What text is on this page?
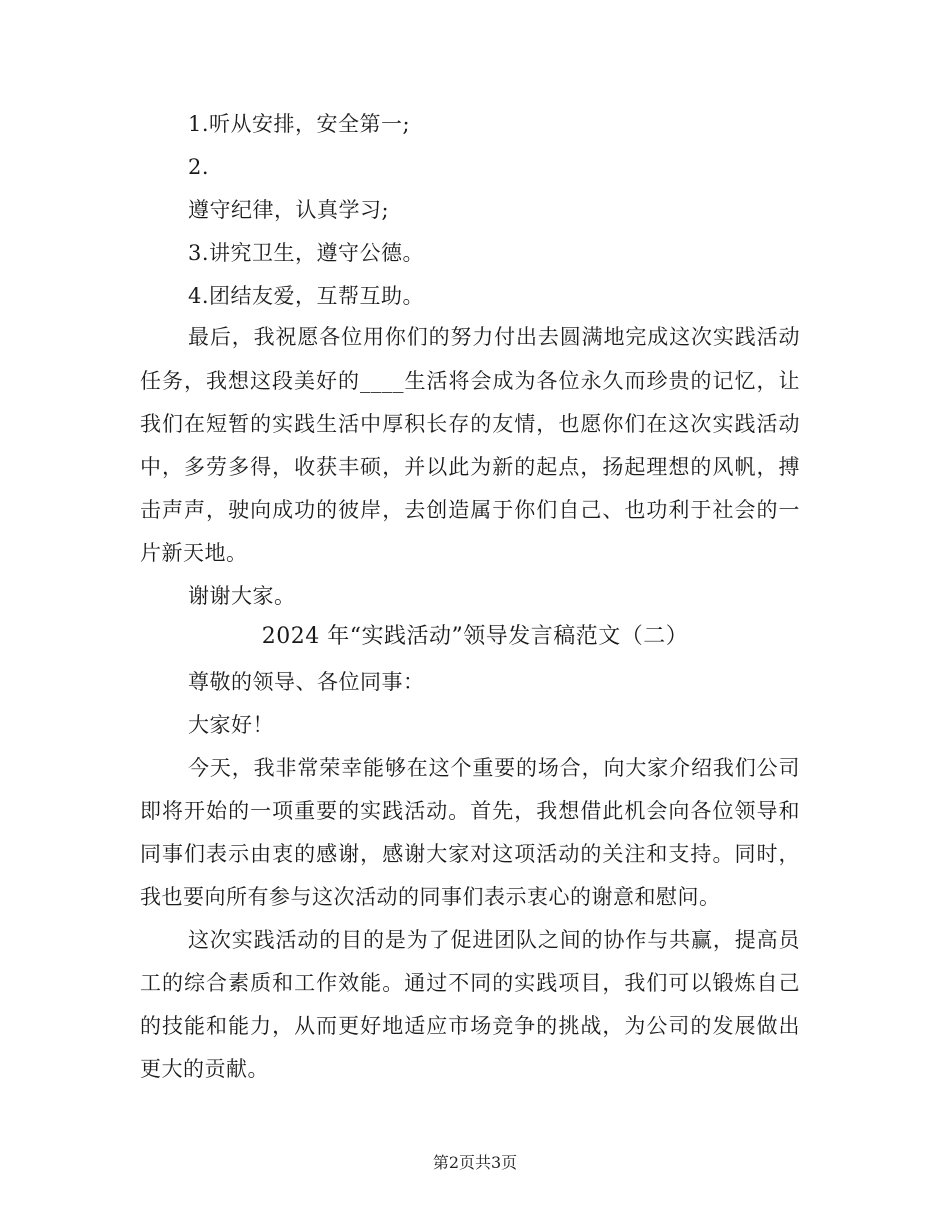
1.听从安排，安全第一;
2.
遵守纪律，认真学习;
3.讲究卫生，遵守公德。
4.团结友爱，互帮互助。
最后，我祝愿各位用你们的努力付出去圆满地完成这次实践活动
任务，我想这段美好的____生活将会成为各位永久而珍贵的记忆，让
我们在短暂的实践生活中厚积长存的友情，也愿你们在这次实践活动
中，多劳多得，收获丰硕，并以此为新的起点，扬起理想的风帆，搏
击声声，驶向成功的彼岸，去创造属于你们自己、也功利于社会的一
片新天地。
谢谢大家。
2024 年“实践活动”领导发言稿范文（二）
尊敬的领导、各位同事：
大家好！
今天，我非常荣幸能够在这个重要的场合，向大家介绍我们公司
即将开始的一项重要的实践活动。首先，我想借此机会向各位领导和
同事们表示由衷的感谢，感谢大家对这项活动的关注和支持。同时，
我也要向所有参与这次活动的同事们表示衷心的谢意和慰问。
这次实践活动的目的是为了促进团队之间的协作与共赢，提高员
工的综合素质和工作效能。通过不同的实践项目，我们可以锻炼自己
的技能和能力，从而更好地适应市场竞争的挑战，为公司的发展做出
更大的贡献。
第2页共3页
